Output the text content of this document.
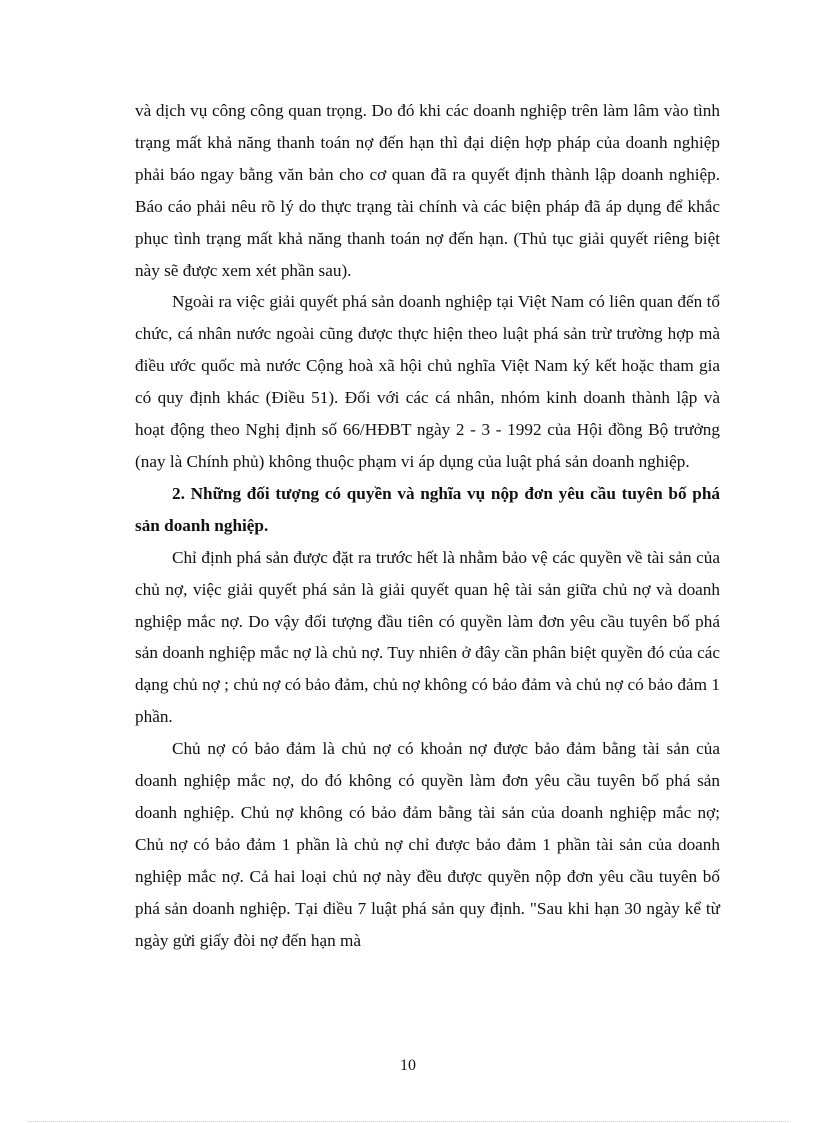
và dịch vụ công công quan trọng. Do đó khi các doanh nghiệp trên làm lâm vào tình trạng mất khả năng thanh toán nợ đến hạn thì đại diện hợp pháp của doanh nghiệp phải báo ngay bằng văn bản cho cơ quan đã ra quyết định thành lập doanh nghiệp. Báo cáo phải nêu rõ lý do thực trạng tài chính và các biện pháp đã áp dụng để khắc phục tình trạng mất khả năng thanh toán nợ đến hạn. (Thủ tục giải quyết riêng biệt này sẽ được xem xét phần sau).

Ngoài ra việc giải quyết phá sản doanh nghiệp tại Việt Nam có liên quan đến tổ chức, cá nhân nước ngoài cũng được thực hiện theo luật phá sản trừ trường hợp mà điều ước quốc mà nước Cộng hoà xã hội chủ nghĩa Việt Nam ký kết hoặc tham gia có quy định khác (Điều 51). Đối với các cá nhân, nhóm kinh doanh thành lập và hoạt động theo Nghị định số 66/HĐBT ngày 2 - 3 - 1992 của Hội đồng Bộ trưởng (nay là Chính phủ) không thuộc phạm vi áp dụng của luật phá sản doanh nghiệp.

2. Những đối tượng có quyền và nghĩa vụ nộp đơn yêu cầu tuyên bố phá sản doanh nghiệp.

Chỉ định phá sản được đặt ra trước hết là nhằm bảo vệ các quyền về tài sản của chủ nợ, việc giải quyết phá sản là giải quyết quan hệ tài sản giữa chủ nợ và doanh nghiệp mắc nợ. Do vậy đối tượng đầu tiên có quyền làm đơn yêu cầu tuyên bố phá sản doanh nghiệp mắc nợ là chủ nợ. Tuy nhiên ở đây cần phân biệt quyền đó của các dạng chủ nợ ; chủ nợ có bảo đảm, chủ nợ không có bảo đảm và chủ nợ có bảo đảm 1 phần.

Chủ nợ có bảo đảm là chủ nợ có khoản nợ được bảo đảm bằng tài sản của doanh nghiệp mắc nợ, do đó không có quyền làm đơn yêu cầu tuyên bố phá sản doanh nghiệp. Chủ nợ không có bảo đảm bằng tài sản của doanh nghiệp mắc nợ; Chủ nợ có bảo đảm 1 phần là chủ nợ chỉ được bảo đảm 1 phần tài sản của doanh nghiệp mắc nợ. Cả hai loại chủ nợ này đều được quyền nộp đơn yêu cầu tuyên bố phá sản doanh nghiệp. Tại điều 7 luật phá sản quy định. "Sau khi hạn 30 ngày kể từ ngày gửi giấy đòi nợ đến hạn mà

10
